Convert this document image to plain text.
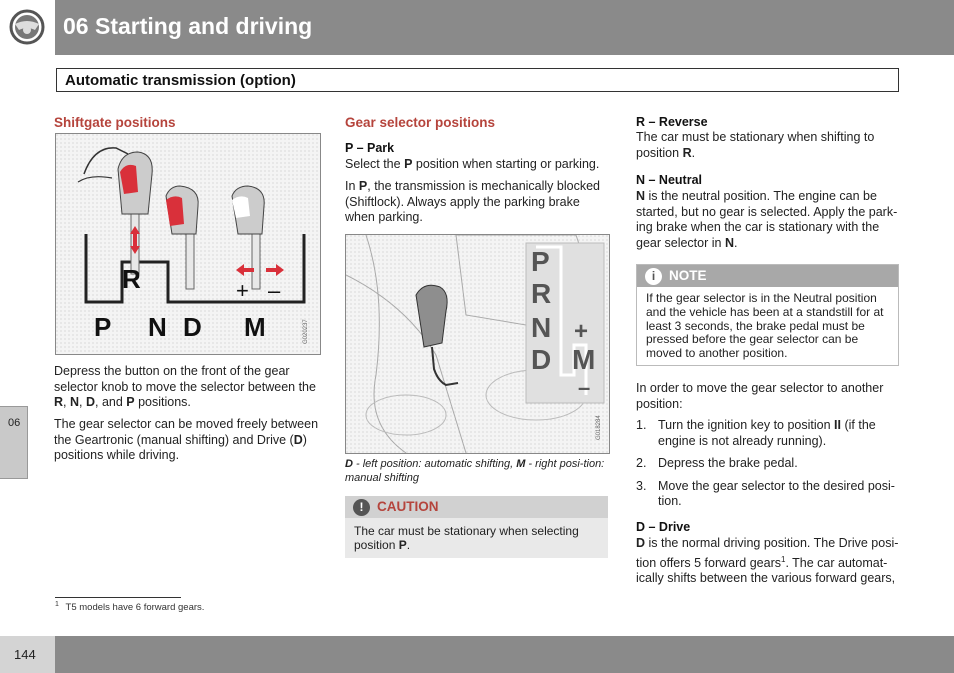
06 Starting and driving
Automatic transmission (option)
Shiftgate positions
R	+ –
P N D M	G020237
Depress the button on the front of the gear selector knob to move the selector between the R, N, D, and P positions.
The gear selector can be moved freely between the Geartronic (manual shifting) and Drive (D) positions while driving.
Gear selector positions
P – Park
Select the P position when starting or parking.
In P, the transmission is mechanically blocked (Shiftlock). Always apply the parking brake when parking.
P
R
N
D
+
M
–
G018284
D - left position: automatic shifting, M - right posi-tion: manual shifting
!	CAUTION
The car must be stationary when selecting position P.
R – Reverse
The car must be stationary when shifting to position R.
N – Neutral
N is the neutral position. The engine can be started, but no gear is selected. Apply the park-ing brake when the car is stationary with the gear selector in N.
i	NOTE
If the gear selector is in the Neutral position and the vehicle has been at a standstill for at least 3 seconds, the brake pedal must be pressed before the gear selector can be moved to another position.
In order to move the gear selector to another position:
1. Turn the ignition key to position II (if the engine is not already running).
2. Depress the brake pedal.
3. Move the gear selector to the desired posi-tion.
D – Drive
D is the normal driving position. The Drive posi-tion offers 5 forward gears$^1$. The car automat-ically shifts between the various forward gears,
06
$^1$ T5 models have 6 forward gears.
144
